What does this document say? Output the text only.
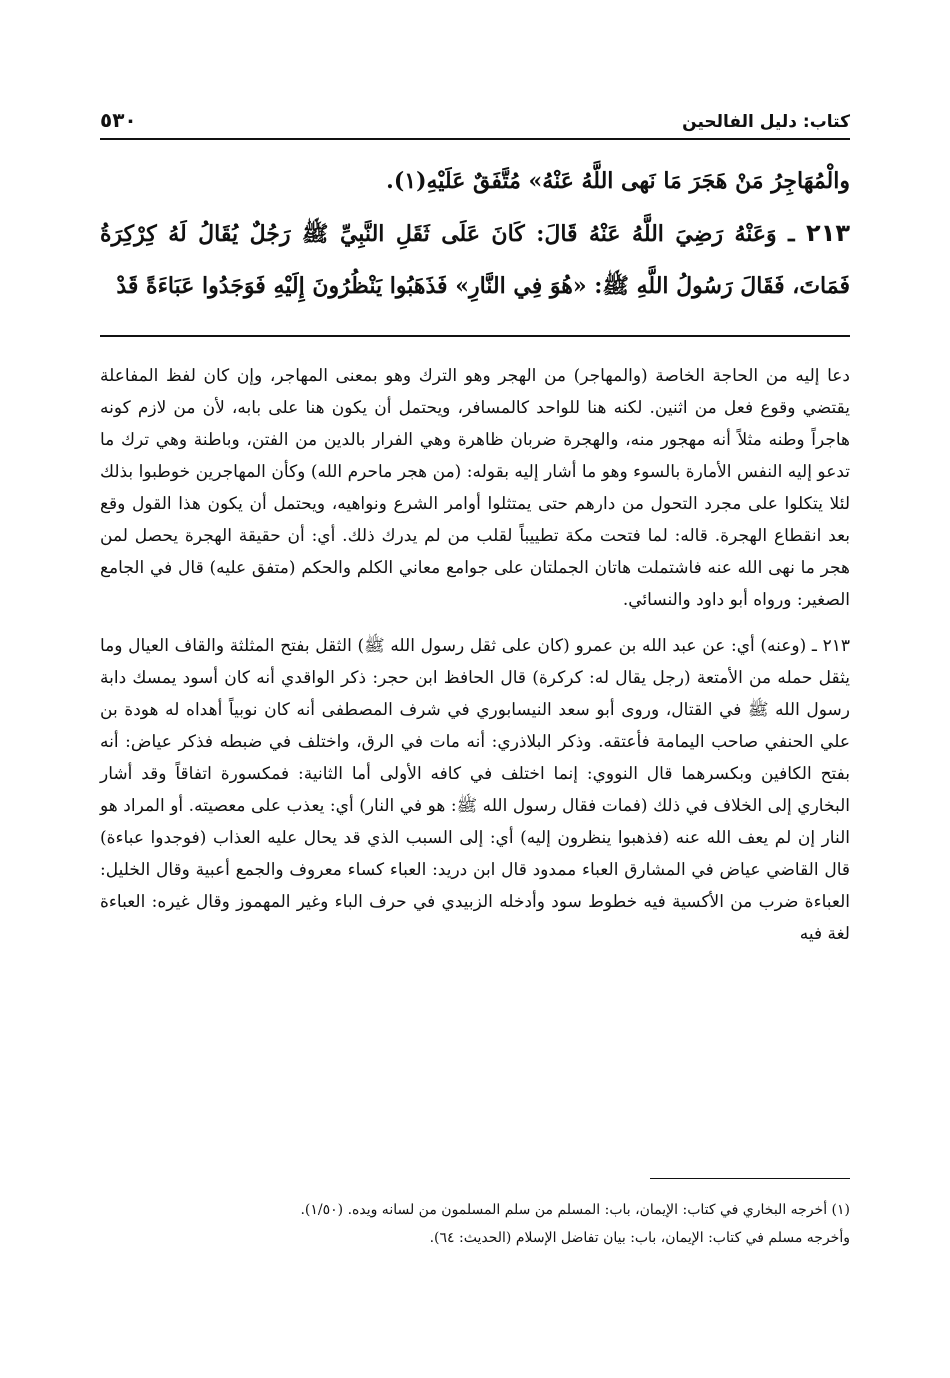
كتاب: دليل الفالحين
٥٣٠

والْمُهَاجِرُ مَنْ هَجَرَ مَا نَهى اللَّهُ عَنْهُ» مُتَّفَقٌ عَلَيْهِ(١).

٢١٣ ـ وَعَنْهُ رَضِيَ اللَّهُ عَنْهُ قَالَ: كَانَ عَلَى ثَقَلِ النَّبِيِّ ﷺ رَجُلٌ يُقَالُ لَهُ كِرْكِرَةُ فَمَاتَ، فَقَالَ رَسُولُ اللَّهِ ﷺ: «هُوَ فِي النَّارِ» فَذَهَبُوا يَنْظُرُونَ إِلَيْهِ فَوَجَدُوا عَبَاءَةً قَدْ

دعا إليه من الحاجة الخاصة (والمهاجر) من الهجر وهو الترك وهو بمعنى المهاجر، وإن كان لفظ المفاعلة يقتضي وقوع فعل من اثنين. لكنه هنا للواحد كالمسافر، ويحتمل أن يكون هنا على بابه، لأن من لازم كونه هاجراً وطنه مثلاً أنه مهجور منه، والهجرة ضربان ظاهرة وهي الفرار بالدين من الفتن، وباطنة وهي ترك ما تدعو إليه النفس الأمارة بالسوء وهو ما أشار إليه بقوله: (من هجر ماحرم الله) وكأن المهاجرين خوطبوا بذلك لئلا يتكلوا على مجرد التحول من دارهم حتى يمتثلوا أوامر الشرع ونواهيه، ويحتمل أن يكون هذا القول وقع بعد انقطاع الهجرة. قاله: لما فتحت مكة تطييباً لقلب من لم يدرك ذلك. أي: أن حقيقة الهجرة يحصل لمن هجر ما نهى الله عنه فاشتملت هاتان الجملتان على جوامع معاني الكلم والحكم (متفق عليه) قال في الجامع الصغير: ورواه أبو داود والنسائي.

٢١٣ ـ (وعنه) أي: عن عبد الله بن عمرو (كان على ثقل رسول الله ﷺ) الثقل بفتح المثلثة والقاف العيال وما يثقل حمله من الأمتعة (رجل يقال له: كركرة) قال الحافظ ابن حجر: ذكر الواقدي أنه كان أسود يمسك دابة رسول الله ﷺ في القتال، وروى أبو سعد النيسابوري في شرف المصطفى أنه كان نوبياً أهداه له هودة بن علي الحنفي صاحب اليمامة فأعتقه. وذكر البلاذري: أنه مات في الرق، واختلف في ضبطه فذكر عياض: أنه بفتح الكافين وبكسرهما قال النووي: إنما اختلف في كافه الأولى أما الثانية: فمكسورة اتفاقاً وقد أشار البخاري إلى الخلاف في ذلك (فمات فقال رسول الله ﷺ: هو في النار) أي: يعذب على معصيته. أو المراد هو النار إن لم يعف الله عنه (فذهبوا ينظرون إليه) أي: إلى السبب الذي قد يحال عليه العذاب (فوجدوا عباءة) قال القاضي عياض في المشارق العباء ممدود قال ابن دريد: العباء كساء معروف والجمع أعبية وقال الخليل: العباءة ضرب من الأكسية فيه خطوط سود وأدخله الزبيدي في حرف الباء وغير المهموز وقال غيره: العباءة لغة فيه

(١) أخرجه البخاري في كتاب: الإيمان، باب: المسلم من سلم المسلمون من لسانه ويده. (١/٥٠).

وأخرجه مسلم في كتاب: الإيمان، باب: بيان تفاضل الإسلام (الحديث: ٦٤).
